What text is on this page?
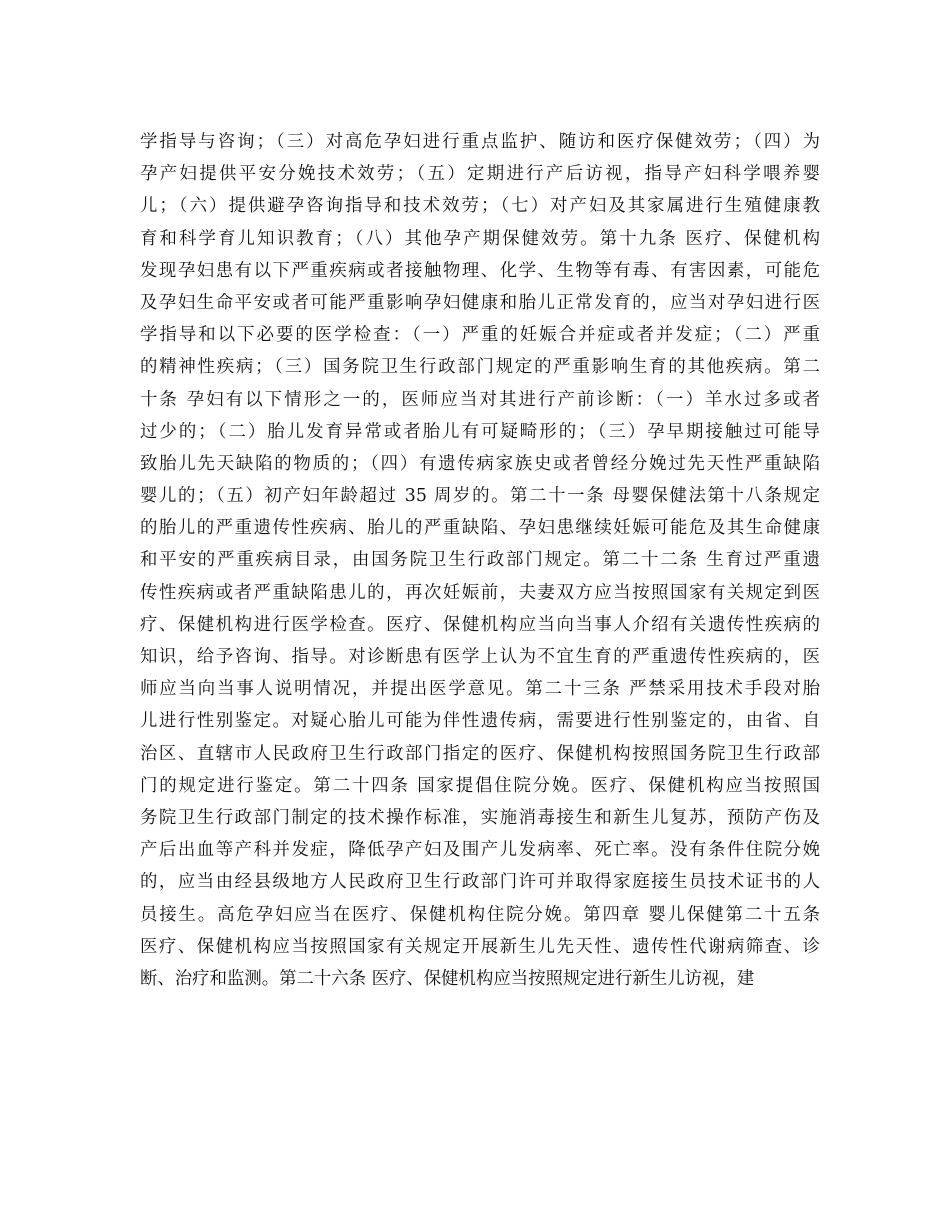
学指导与咨询；（三）对高危孕妇进行重点监护、随访和医疗保健效劳；（四）为
孕产妇提供平安分娩技术效劳；（五）定期进行产后访视，指导产妇科学喂养婴
儿；（六）提供避孕咨询指导和技术效劳；（七）对产妇及其家属进行生殖健康教
育和科学育儿知识教育；（八）其他孕产期保健效劳。第十九条 医疗、保健机构
发现孕妇患有以下严重疾病或者接触物理、化学、生物等有毒、有害因素，可能危
及孕妇生命平安或者可能严重影响孕妇健康和胎儿正常发育的，应当对孕妇进行医
学指导和以下必要的医学检查：（一）严重的妊娠合并症或者并发症；（二）严重
的精神性疾病；（三）国务院卫生行政部门规定的严重影响生育的其他疾病。第二
十条 孕妇有以下情形之一的，医师应当对其进行产前诊断：（一）羊水过多或者
过少的；（二）胎儿发育异常或者胎儿有可疑畸形的；（三）孕早期接触过可能导
致胎儿先天缺陷的物质的；（四）有遗传病家族史或者曾经分娩过先天性严重缺陷
婴儿的；（五）初产妇年龄超过 35 周岁的。第二十一条 母婴保健法第十八条规定
的胎儿的严重遗传性疾病、胎儿的严重缺陷、孕妇患继续妊娠可能危及其生命健康
和平安的严重疾病目录，由国务院卫生行政部门规定。第二十二条 生育过严重遗
传性疾病或者严重缺陷患儿的，再次妊娠前，夫妻双方应当按照国家有关规定到医
疗、保健机构进行医学检查。医疗、保健机构应当向当事人介绍有关遗传性疾病的
知识，给予咨询、指导。对诊断患有医学上认为不宜生育的严重遗传性疾病的，医
师应当向当事人说明情况，并提出医学意见。第二十三条 严禁采用技术手段对胎
儿进行性别鉴定。对疑心胎儿可能为伴性遗传病，需要进行性别鉴定的，由省、自
治区、直辖市人民政府卫生行政部门指定的医疗、保健机构按照国务院卫生行政部
门的规定进行鉴定。第二十四条 国家提倡住院分娩。医疗、保健机构应当按照国
务院卫生行政部门制定的技术操作标准，实施消毒接生和新生儿复苏，预防产伤及
产后出血等产科并发症，降低孕产妇及围产儿发病率、死亡率。没有条件住院分娩
的，应当由经县级地方人民政府卫生行政部门许可并取得家庭接生员技术证书的人
员接生。高危孕妇应当在医疗、保健机构住院分娩。第四章 婴儿保健第二十五条
医疗、保健机构应当按照国家有关规定开展新生儿先天性、遗传性代谢病筛查、诊
断、治疗和监测。第二十六条 医疗、保健机构应当按照规定进行新生儿访视，建
